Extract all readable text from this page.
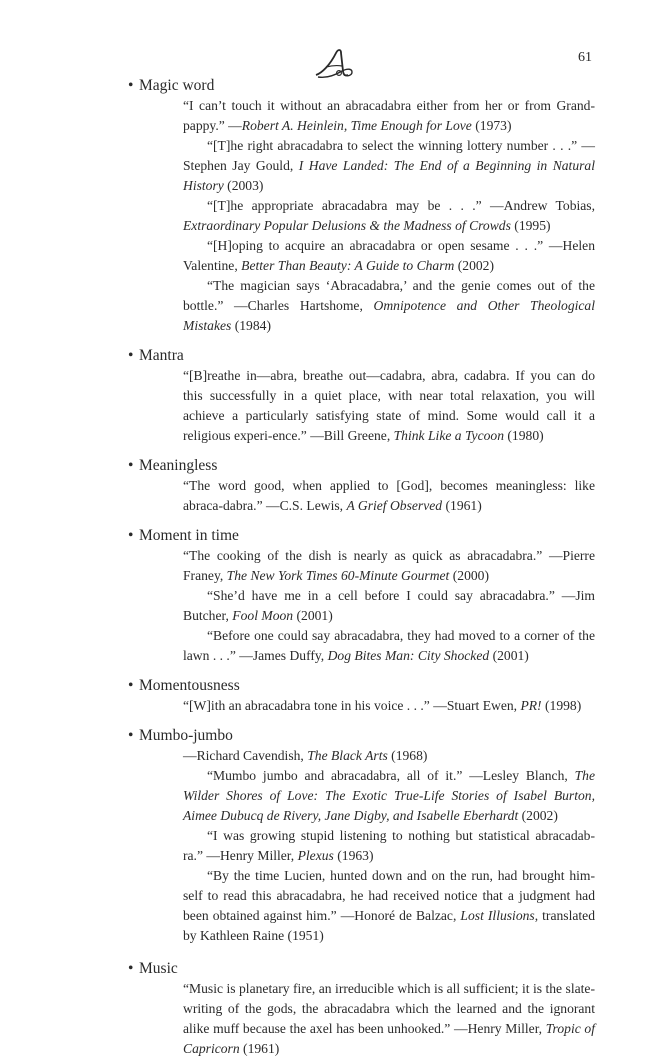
61

• Magic word

“I can’t touch it without an abracadabra either from her or from Grand-pappy.” —Robert A. Heinlein, Time Enough for Love (1973)

“[T]he right abracadabra to select the winning lottery number . . .” —Stephen Jay Gould, I Have Landed: The End of a Beginning in Natural History (2003)

“[T]he appropriate abracadabra may be . . .” —Andrew Tobias, Extraordinary Popular Delusions & the Madness of Crowds (1995)

“[H]oping to acquire an abracadabra or open sesame . . .” —Helen Valentine, Better Than Beauty: A Guide to Charm (2002)

“The magician says ‘Abracadabra,’ and the genie comes out of the bottle.” —Charles Hartshome, Omnipotence and Other Theological Mistakes (1984)

• Mantra

“[B]reathe in—abra, breathe out—cadabra, abra, cadabra. If you can do this successfully in a quiet place, with near total relaxation, you will achieve a particularly satisfying state of mind. Some would call it a religious experi-ence.” —Bill Greene, Think Like a Tycoon (1980)

• Meaningless

“The word good, when applied to [God], becomes meaningless: like abraca-dabra.” —C.S. Lewis, A Grief Observed (1961)

• Moment in time

“The cooking of the dish is nearly as quick as abracadabra.” —Pierre Franey, The New York Times 60-Minute Gourmet (2000)

“She’d have me in a cell before I could say abracadabra.” —Jim Butcher, Fool Moon (2001)

“Before one could say abracadabra, they had moved to a corner of the lawn . . .” —James Duffy, Dog Bites Man: City Shocked (2001)

• Momentousness

“[W]ith an abracadabra tone in his voice . . .” —Stuart Ewen, PR! (1998)

• Mumbo-jumbo

—Richard Cavendish, The Black Arts (1968)

“Mumbo jumbo and abracadabra, all of it.” —Lesley Blanch, The Wilder Shores of Love: The Exotic True-Life Stories of Isabel Burton, Aimee Dubucq de Rivery, Jane Digby, and Isabelle Eberhardt (2002)

“I was growing stupid listening to nothing but statistical abracadab-ra.” —Henry Miller, Plexus (1963)

“By the time Lucien, hunted down and on the run, had brought him-self to read this abracadabra, he had received notice that a judgment had been obtained against him.” —Honoré de Balzac, Lost Illusions, translated by Kathleen Raine (1951)

• Music

“Music is planetary fire, an irreducible which is all sufficient; it is the slate-writing of the gods, the abracadabra which the learned and the ignorant alike muff because the axel has been unhooked.” —Henry Miller, Tropic of Capricorn (1961)
